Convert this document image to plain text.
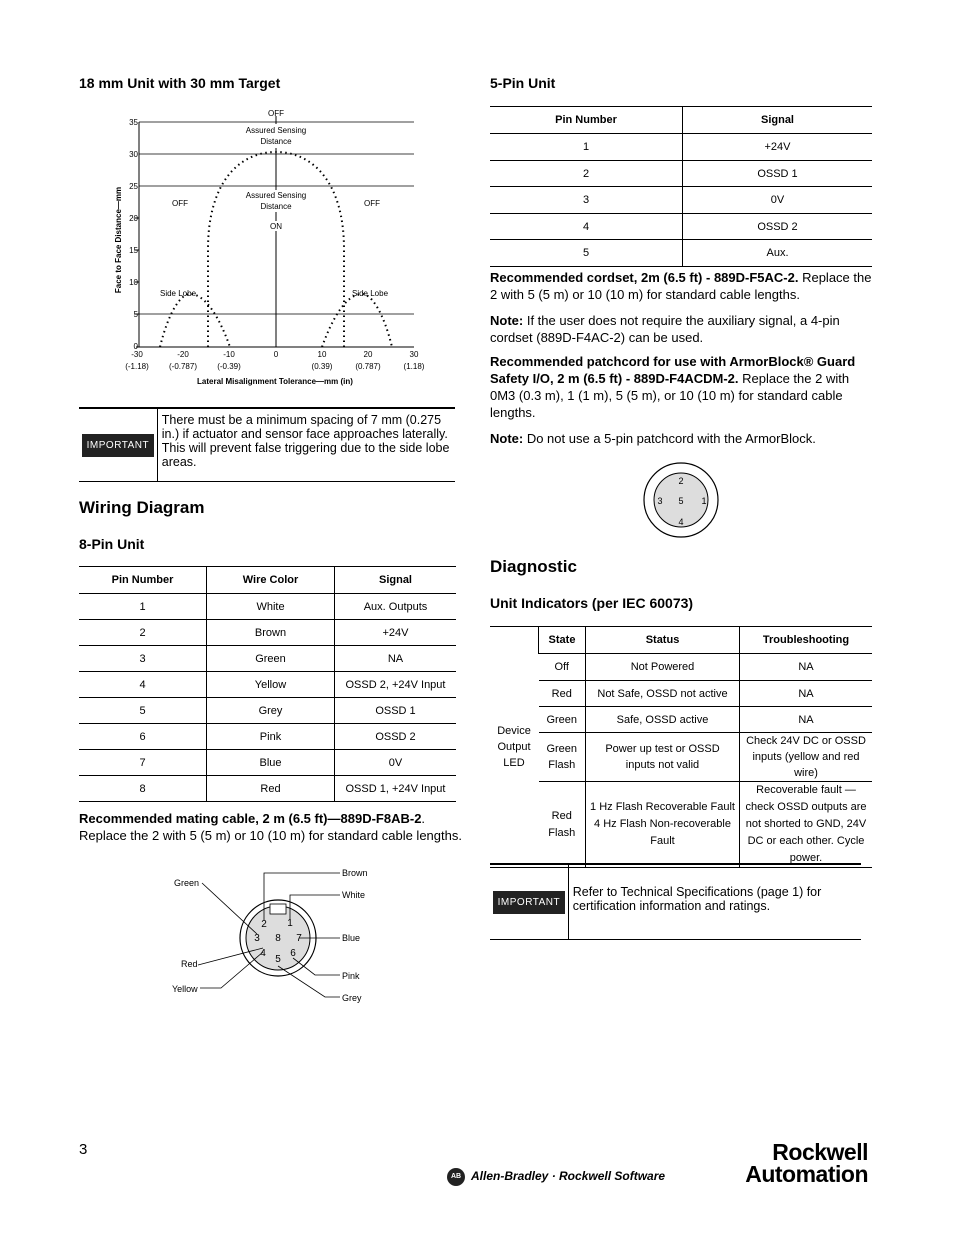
18 mm Unit with 30 mm Target
35
30
25
20
15
10
5
0
-30
(-1.18)
-20
(-0.787)
-10
(-0.39)
0	10
(0.39)
20
(0.787)
30
(1.18)
Lateral Misalignment Tolerance—mm (in)
Face to Face Distance—mm
OFF
Assured Sensing
Distance
Assured Sensing
Distance
OFF	OFF
ON
Side Lobe	Side Lobe
IMPORTANT
There must be a minimum spacing of 7 mm (0.275 in.) if actuator and sensor face approaches laterally. This will prevent false triggering due to the side lobe areas.
Wiring Diagram
8-Pin Unit
Pin Number	Wire Color	Signal
1	White	Aux. Outputs
2	Brown	+24V
3	Green	NA
4	Yellow	OSSD 2, +24V Input
5	Grey	OSSD 1
6	Pink	OSSD 2
7	Blue	0V
8	Red	OSSD 1, +24V Input
Recommended mating cable, 2 m (6.5 ft)—889D-F8AB-2. Replace the 2 with 5 (5 m) or 10 (10 m) for standard cable lengths.
1
2
3
4
5
6
7
8
Brown
White
Blue
Pink
Grey
Green
Red
Yellow
5-Pin Unit
Pin Number	Signal
1	+24V
2	OSSD 1
3	0V
4	OSSD 2
5	Aux.
Recommended cordset, 2m (6.5 ft) - 889D-F5AC-2. Replace the 2 with 5 (5 m) or 10 (10 m) for standard cable lengths.
Note: If the user does not require the auxiliary signal, a 4-pin cordset (889D-F4AC-2) can be used.
Recommended patchcord for use with ArmorBlock® Guard Safety I/O, 2 m (6.5 ft) - 889D-F4ACDM-2. Replace the 2 with 0M3 (0.3 m), 1 (1 m), 5 (5 m), or 10 (10 m) for standard cable lengths.
Note: Do not use a 5-pin patchcord with the ArmorBlock.
1
2
3
4
5
Diagnostic
Unit Indicators (per IEC 60073)
Device Output LED	State	Status	Troubleshooting
	Off	Not Powered	NA
	Red	Not Safe, OSSD not active	NA
	Green	Safe, OSSD active	NA
	Green Flash	Power up test or OSSD inputs not valid	Check 24V DC or OSSD inputs (yellow and red wire)
	Red Flash	1 Hz Flash Recoverable Fault 4 Hz Flash Non-recoverable Fault	Recoverable fault —check OSSD outputs are not shorted to GND, 24V DC or each other. Cycle power.
IMPORTANT
Refer to Technical Specifications (page 1) for certification information and ratings.
3
AB Allen-Bradley · Rockwell Software
Rockwell
Automation
